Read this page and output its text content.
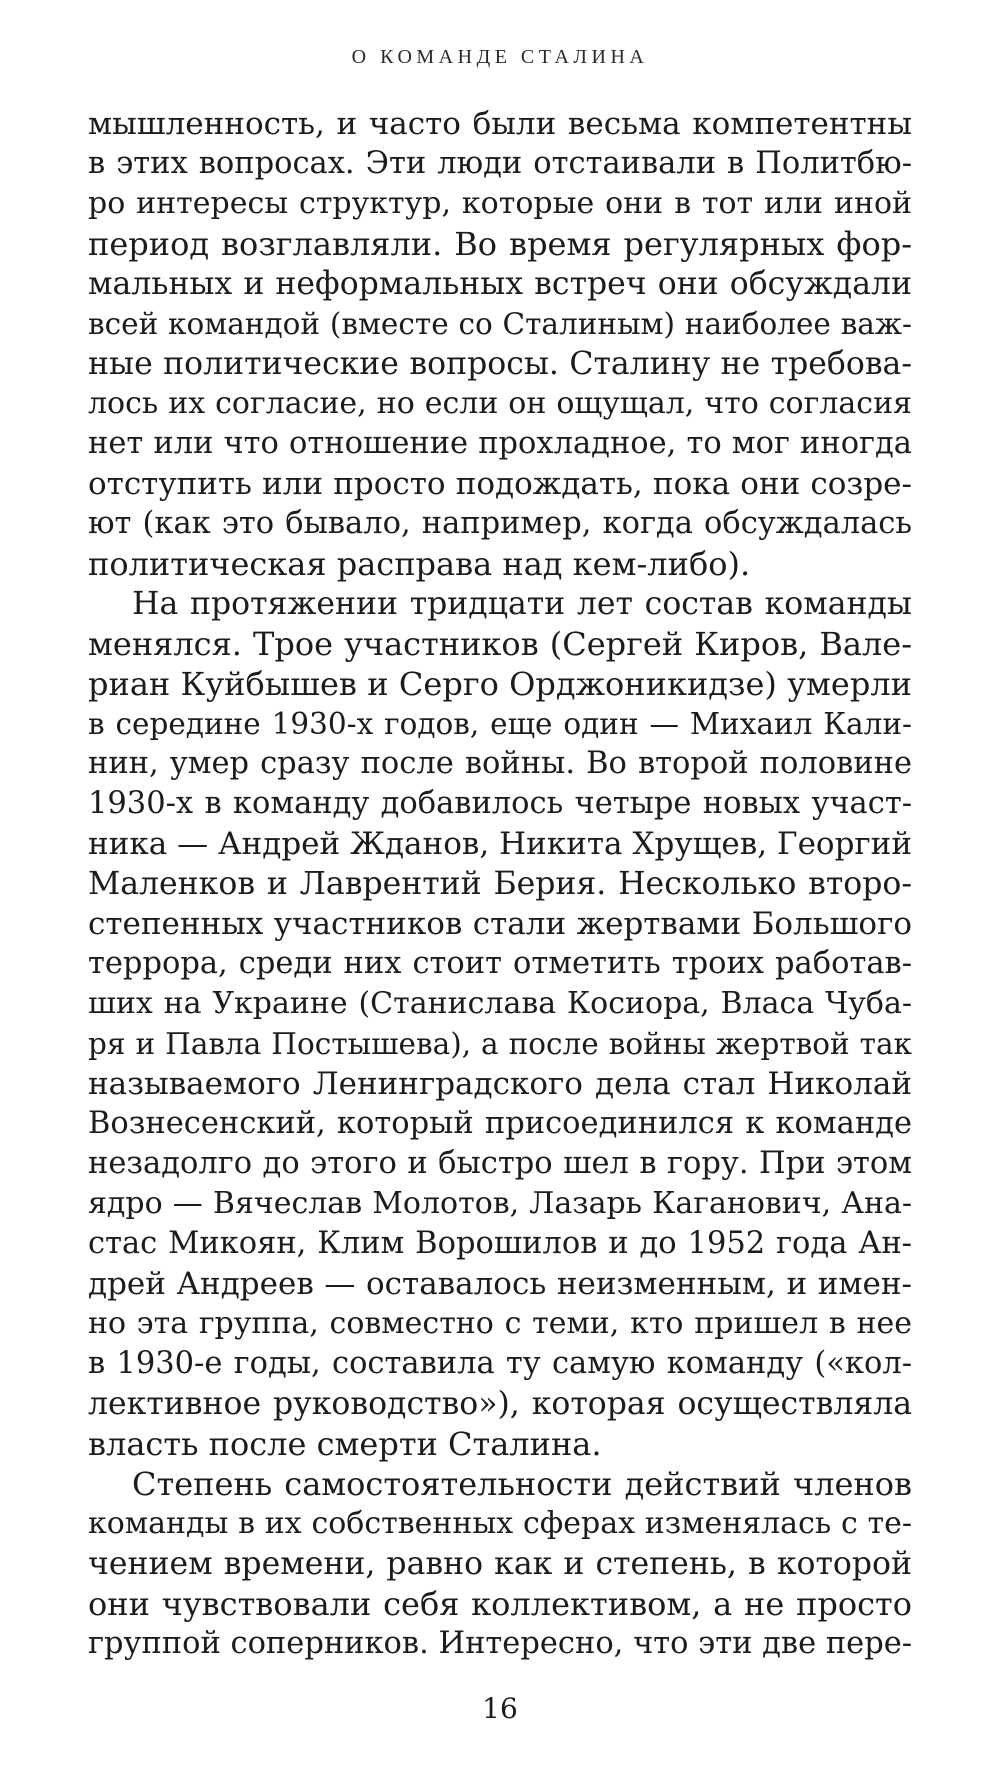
О КОМАНДЕ СТАЛИНА
мышленность, и часто были весьма компетентны
в этих вопросах. Эти люди отстаивали в Политбю-
ро интересы структур, которые они в тот или иной
период возглавляли. Во время регулярных фор-
мальных и неформальных встреч они обсуждали
всей командой (вместе со Сталиным) наиболее важ-
ные политические вопросы. Сталину не требова-
лось их согласие, но если он ощущал, что согласия
нет или что отношение прохладное, то мог иногда
отступить или просто подождать, пока они созре-
ют (как это бывало, например, когда обсуждалась
политическая расправа над кем-либо).
На протяжении тридцати лет состав команды
менялся. Трое участников (Сергей Киров, Вале-
риан Куйбышев и Серго Орджоникидзе) умерли
в середине 1930-х годов, еще один — Михаил Кали-
нин, умер сразу после войны. Во второй половине
1930-х в команду добавилось четыре новых участ-
ника — Андрей Жданов, Никита Хрущев, Георгий
Маленков и Лаврентий Берия. Несколько второ-
степенных участников стали жертвами Большого
террора, среди них стоит отметить троих работав-
ших на Украине (Станислава Косиора, Власа Чуба-
ря и Павла Постышева), а после войны жертвой так
называемого Ленинградского дела стал Николай
Вознесенский, который присоединился к команде
незадолго до этого и быстро шел в гору. При этом
ядро — Вячеслав Молотов, Лазарь Каганович, Ана-
стас Микоян, Клим Ворошилов и до 1952 года Ан-
дрей Андреев — оставалось неизменным, и имен-
но эта группа, совместно с теми, кто пришел в нее
в 1930-е годы, составила ту самую команду («кол-
лективное руководство»), которая осуществляла
власть после смерти Сталина.
Степень самостоятельности действий членов
команды в их собственных сферах изменялась с те-
чением времени, равно как и степень, в которой
они чувствовали себя коллективом, а не просто
группой соперников. Интересно, что эти две пере-
16
